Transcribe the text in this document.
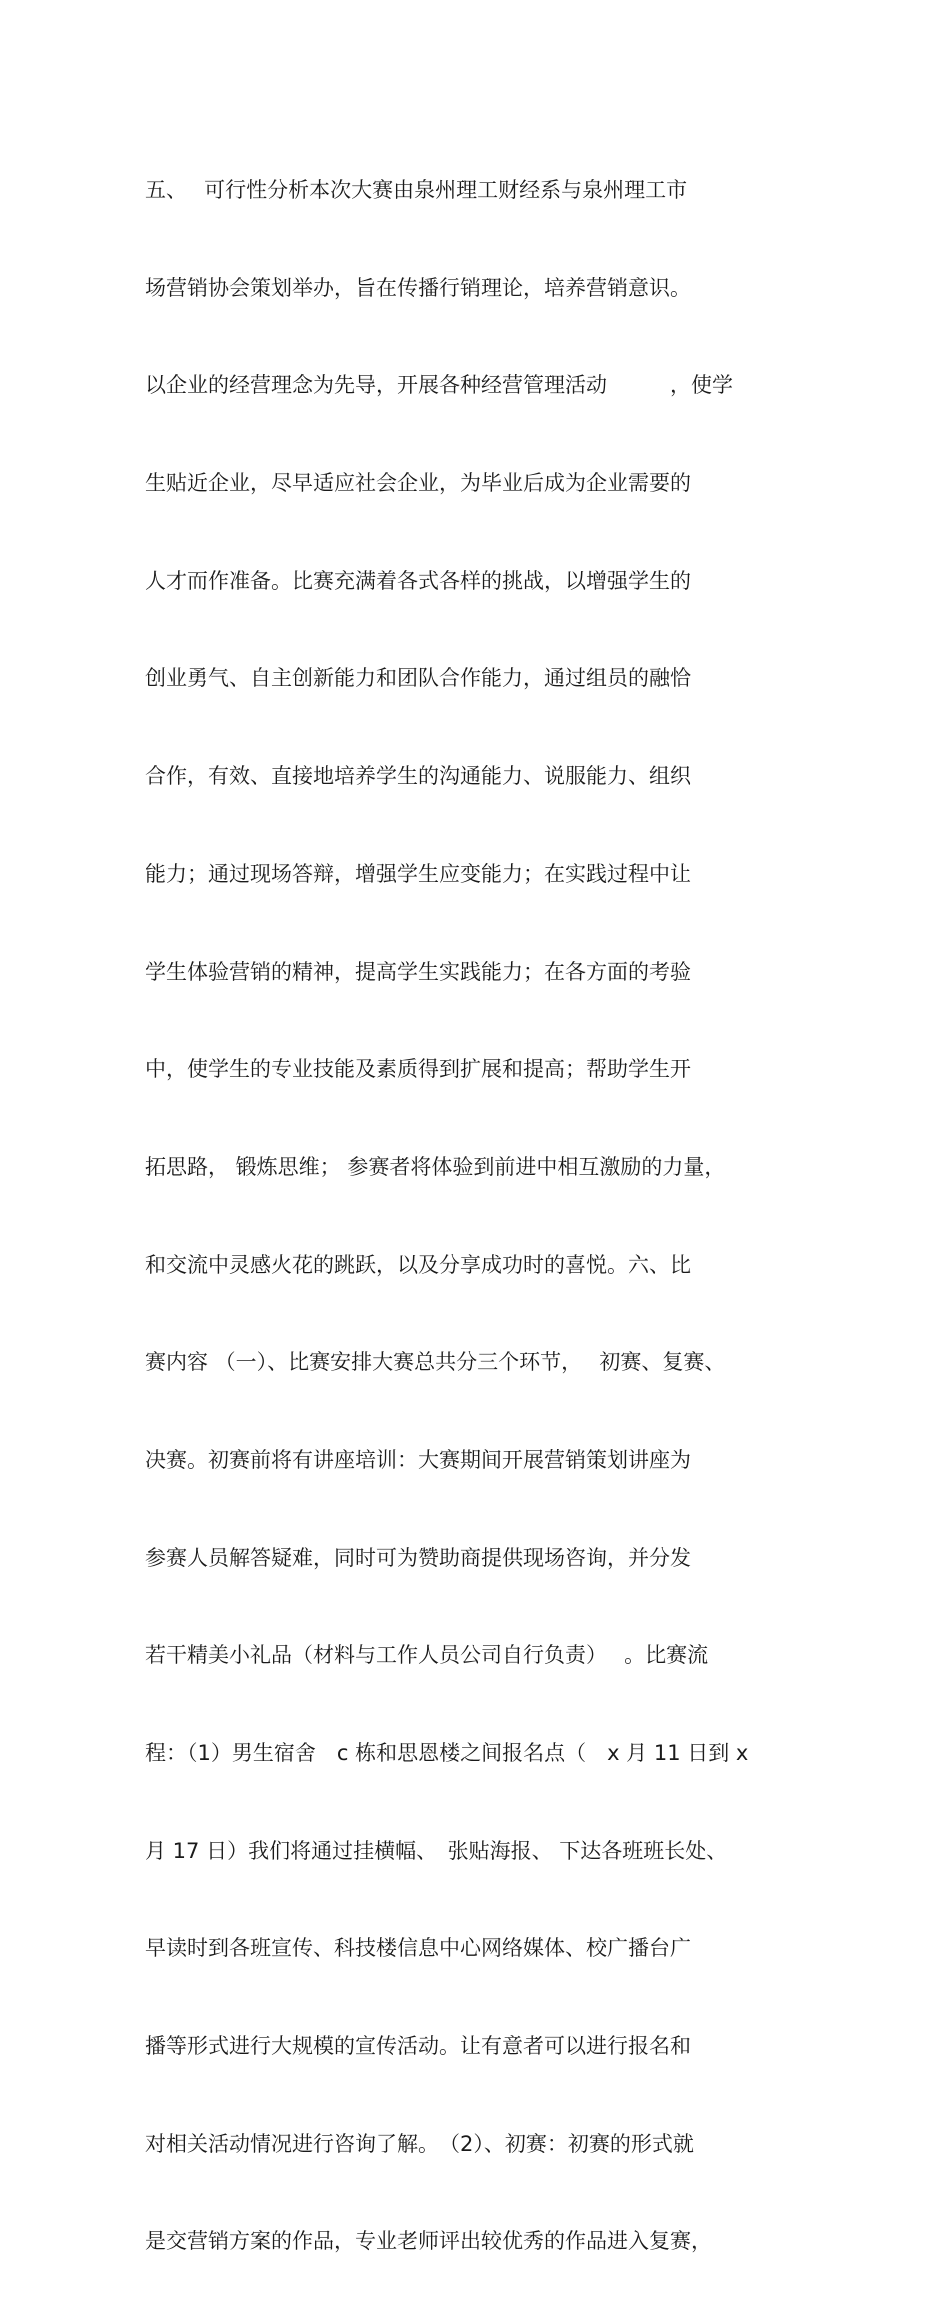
五、　 可行性分析本次大赛由泉州理工财经系与泉州理工市

场营销协会策划举办，旨在传播行销理论，培养营销意识。

以企业的经营理念为先导，开展各种经营管理活动　　　，使学

生贴近企业，尽早适应社会企业，为毕业后成为企业需要的

人才而作准备。比赛充满着各式各样的挑战，以增强学生的

创业勇气、自主创新能力和团队合作能力，通过组员的融恰

合作，有效、直接地培养学生的沟通能力、说服能力、组织

能力；通过现场答辩，增强学生应变能力；在实践过程中让

学生体验营销的精神，提高学生实践能力；在各方面的考验

中，使学生的专业技能及素质得到扩展和提高；帮助学生开

拓思路， 锻炼思维； 参赛者将体验到前进中相互激励的力量，

和交流中灵感火花的跳跃，以及分享成功时的喜悦。六、比

赛内容 （一）、比赛安排大赛总共分三个环节，　 初赛、复赛、

决赛。初赛前将有讲座培训：大赛期间开展营销策划讲座为

参赛人员解答疑难，同时可为赞助商提供现场咨询，并分发

若干精美小礼品（材料与工作人员公司自行负责）　 。比赛流

程：（1）男生宿舍　c 栋和思恩楼之间报名点（　x 月 11 日到 x

月 17 日）我们将通过挂横幅、　张贴海报、 下达各班班长处、

早读时到各班宣传、科技楼信息中心网络媒体、校广播台广

播等形式进行大规模的宣传活动。让有意者可以进行报名和

对相关活动情况进行咨询了解。　（2）、初赛：初赛的形式就

是交营销方案的作品，专业老师评出较优秀的作品进入复赛，
